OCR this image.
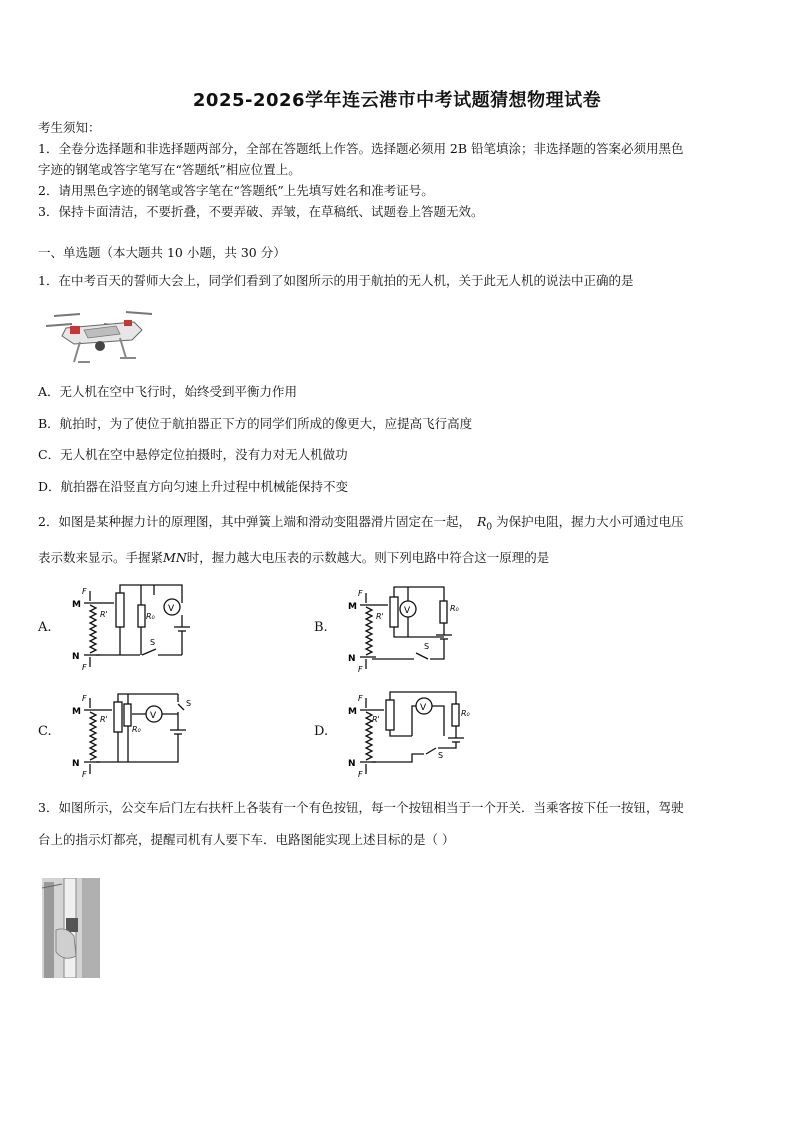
2025-2026学年连云港市中考试题猜想物理试卷
考生须知：
1．全卷分选择题和非选择题两部分，全部在答题纸上作答。选择题必须用 2B 铅笔填涂；非选择题的答案必须用黑色
字迹的钢笔或答字笔写在“答题纸”相应位置上。
2．请用黑色字迹的钢笔或答字笔在“答题纸”上先填写姓名和准考证号。
3．保持卡面清洁，不要折叠，不要弄破、弄皱，在草稿纸、试题卷上答题无效。
一、单选题（本大题共 10 小题，共 30 分）
1．在中考百天的誓师大会上，同学们看到了如图所示的用于航拍的无人机，关于此无人机的说法中正确的是
A．无人机在空中飞行时，始终受到平衡力作用
B．航拍时，为了使位于航拍器正下方的同学们所成的像更大，应提高飞行高度
C．无人机在空中悬停定位拍摄时，没有力对无人机做功
D．航拍器在沿竖直方向匀速上升过程中机械能保持不变
2．如图是某种握力计的原理图，其中弹簧上端和滑动变阻器滑片固定在一起， $R_0$ 为保护电阻，握力大小可通过电压
表示数来显示。手握紧MN时，握力越大电压表的示数越大。则下列电路中符合这一原理的是
A.	B.
C.	D.
M
N
F
F
R'	R₀
V
S
M
N
F
F
R'
R₀
V
S
M
N
F
F
R'
R₀
V
S
M
N
F
F
R'
R₀
V
S
3．如图所示，公交车后门左右扶杆上各装有一个有色按钮，每一个按钮相当于一个开关．当乘客按下任一按钮，驾驶
台上的指示灯都亮，提醒司机有人要下车．电路图能实现上述目标的是（ ）
